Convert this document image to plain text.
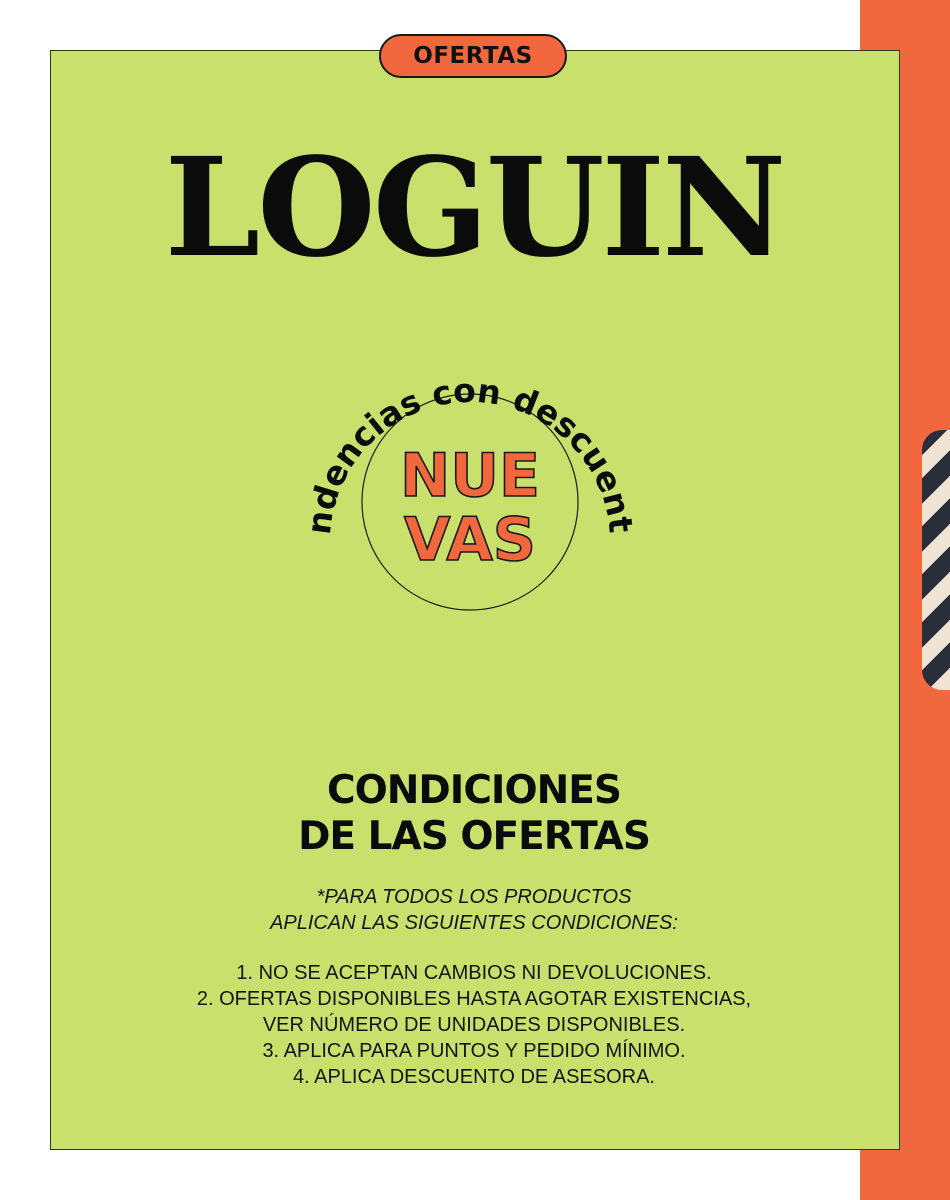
OFERTAS
LOGUIN
ndencias con descuent
NUE
VAS
CONDICIONES
DE LAS OFERTAS
*PARA TODOS LOS PRODUCTOS
APLICAN LAS SIGUIENTES CONDICIONES:
1. NO SE ACEPTAN CAMBIOS NI DEVOLUCIONES.
2. OFERTAS DISPONIBLES HASTA AGOTAR EXISTENCIAS,
VER NÚMERO DE UNIDADES DISPONIBLES.
3. APLICA PARA PUNTOS Y PEDIDO MÍNIMO.
4. APLICA DESCUENTO DE ASESORA.
